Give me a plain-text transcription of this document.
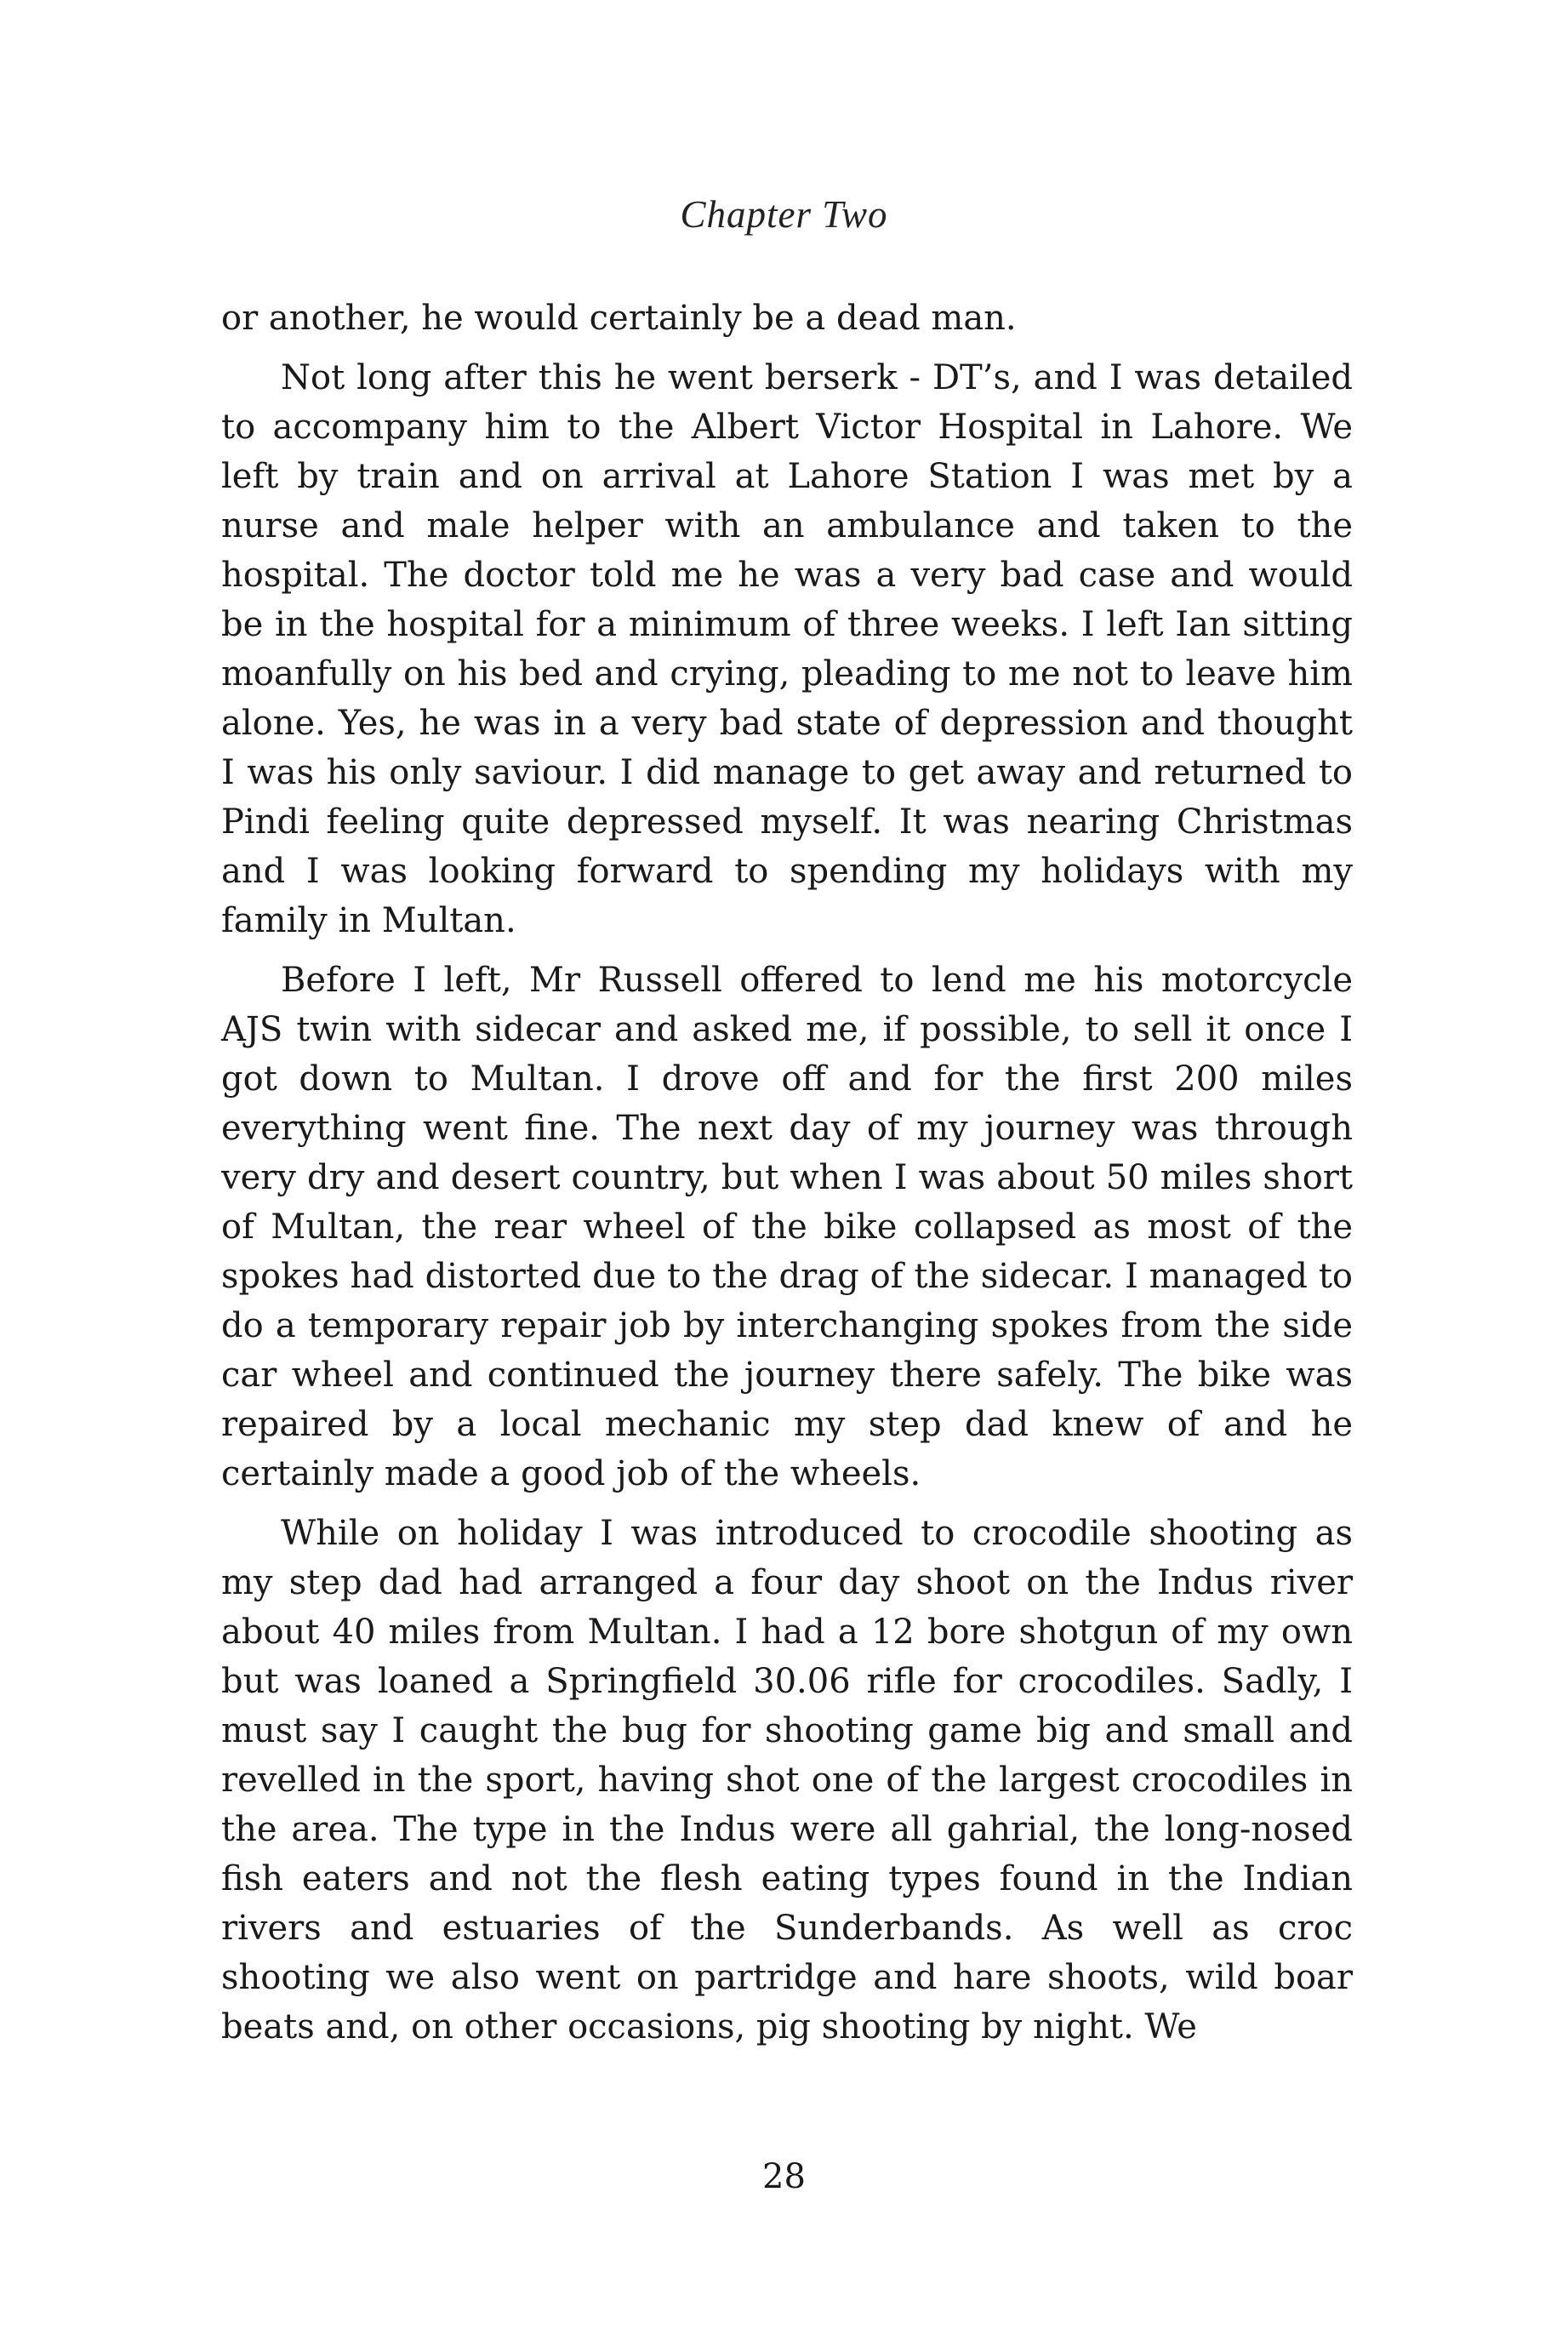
Chapter Two

or another, he would certainly be a dead man.

Not long after this he went berserk - DT’s, and I was detailed to accompany him to the Albert Victor Hospital in Lahore. We left by train and on arrival at Lahore Station I was met by a nurse and male helper with an ambulance and taken to the hospital. The doctor told me he was a very bad case and would be in the hospital for a minimum of three weeks. I left Ian sitting moanfully on his bed and crying, pleading to me not to leave him alone. Yes, he was in a very bad state of depression and thought I was his only saviour. I did manage to get away and returned to Pindi feeling quite depressed myself. It was nearing Christmas and I was looking forward to spending my holidays with my family in Multan.

Before I left, Mr Russell offered to lend me his motorcycle AJS twin with sidecar and asked me, if possible, to sell it once I got down to Multan. I drove off and for the first 200 miles everything went fine. The next day of my journey was through very dry and desert country, but when I was about 50 miles short of Multan, the rear wheel of the bike collapsed as most of the spokes had distorted due to the drag of the sidecar. I managed to do a temporary repair job by interchanging spokes from the side car wheel and continued the journey there safely. The bike was repaired by a local mechanic my step dad knew of and he certainly made a good job of the wheels.

While on holiday I was introduced to crocodile shooting as my step dad had arranged a four day shoot on the Indus river about 40 miles from Multan. I had a 12 bore shotgun of my own but was loaned a Springfield 30.06 rifle for crocodiles. Sadly, I must say I caught the bug for shooting game big and small and revelled in the sport, having shot one of the largest crocodiles in the area. The type in the Indus were all gahrial, the long-nosed fish eaters and not the flesh eating types found in the Indian rivers and estuaries of the Sunderbands. As well as croc shooting we also went on partridge and hare shoots, wild boar beats and, on other occasions, pig shooting by night. We

28
